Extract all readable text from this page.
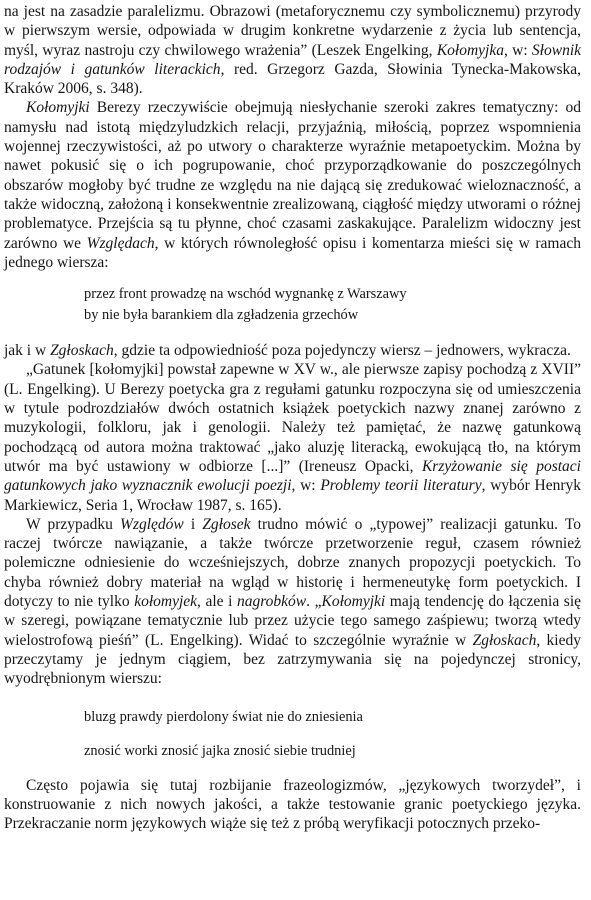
na jest na zasadzie paralelizmu. Obrazowi (metaforycznemu czy symbolicznemu) przyrody w pierwszym wersie, odpowiada w drugim konkretne wydarzenie z życia lub sentencja, myśl, wyraz nastroju czy chwilowego wrażenia” (Leszek Engelking, Kołomyjka, w: Słownik rodzajów i gatunków literackich, red. Grzegorz Gazda, Słowinia Tynecka-Makowska, Kraków 2006, s. 348).

Kołomyjki Berezy rzeczywiście obejmują niesłychanie szeroki zakres tematyczny: od namysłu nad istotą międzyludzkich relacji, przyjaźnią, miłością, poprzez wspomnienia wojennej rzeczywistości, aż po utwory o charakterze wyraźnie metapoetyckim. Można by nawet pokusić się o ich pogrupowanie, choć przyporządkowanie do poszczególnych obszarów mogłoby być trudne ze względu na nie dającą się zredukować wieloznaczność, a także widoczną, założoną i konsekwentnie zrealizowaną, ciągłość między utworami o różnej problematyce. Przejścia są tu płynne, choć czasami zaskakujące. Paralelizm widoczny jest zarówno we Względach, w których równoległość opisu i komentarza mieści się w ramach jednego wiersza:

przez front prowadzę na wschód wygnankę z Warszawy
by nie była barankiem dla zgładzenia grzechów

jak i w Zgłoskach, gdzie ta odpowiedniość poza pojedynczy wiersz – jednowers, wykracza.

„Gatunek [kołomyjki] powstał zapewne w XV w., ale pierwsze zapisy pochodzą z XVII” (L. Engelking). U Berezy poetycka gra z regułami gatunku rozpoczyna się od umieszczenia w tytule podrozdziałów dwóch ostatnich książek poetyckich nazwy znanej zarówno z muzykologii, folkloru, jak i genologii. Należy też pamiętać, że nazwę gatunkową pochodzącą od autora można traktować „jako aluzję literacką, ewokującą tło, na którym utwór ma być ustawiony w odbiorze [...]” (Ireneusz Opacki, Krzyżowanie się postaci gatunkowych jako wyznacznik ewolucji poezji, w: Problemy teorii literatury, wybór Henryk Markiewicz, Seria 1, Wrocław 1987, s. 165).

W przypadku Względów i Zgłosek trudno mówić o „typowej” realizacji gatunku. To raczej twórcze nawiązanie, a także twórcze przetworzenie reguł, czasem również polemiczne odniesienie do wcześniejszych, dobrze znanych propozycji poetyckich. To chyba również dobry materiał na wgląd w historię i hermeneutykę form poetyckich. I dotyczy to nie tylko kołomyjek, ale i nagrobków. „Kołomyjki mają tendencję do łączenia się w szeregi, powiązane tematycznie lub przez użycie tego samego zaśpiewu; tworzą wtedy wielostrofową pieśń” (L. Engelking). Widać to szczególnie wyraźnie w Zgłoskach, kiedy przeczytamy je jednym ciągiem, bez zatrzymywania się na pojedynczej stronicy, wyodrębnionym wierszu:

bluzg prawdy pierdolony świat nie do zniesienia
znosić worki znosić jajka znosić siebie trudniej

Często pojawia się tutaj rozbijanie frazeologizmów, „językowych tworzydeł”, i konstruowanie z nich nowych jakości, a także testowanie granic poetyckiego języka. Przekraczanie norm językowych wiąże się też z próbą weryfikacji potocznych przeko-
